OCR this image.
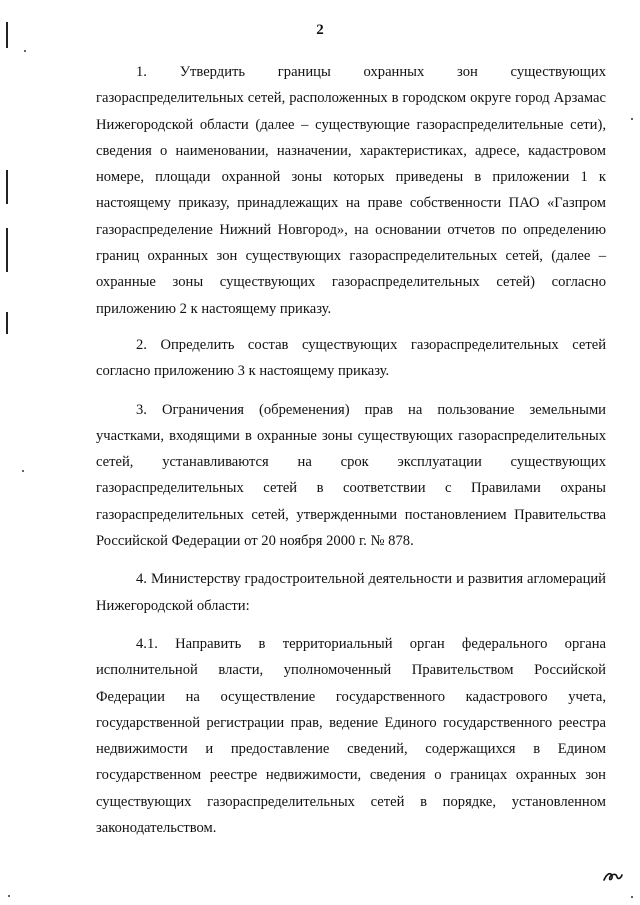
2

1. Утвердить границы охранных зон существующих газораспределительных сетей, расположенных в городском округе город Арзамас Нижегородской области (далее – существующие газораспределительные сети), сведения о наименовании, назначении, характеристиках, адресе, кадастровом номере, площади охранной зоны которых приведены в приложении 1 к настоящему приказу, принадлежащих на праве собственности ПАО «Газпром газораспределение Нижний Новгород», на основании отчетов по определению границ охранных зон существующих газораспределительных сетей, (далее – охранные зоны существующих газораспределительных сетей) согласно приложению 2 к настоящему приказу.

2. Определить состав существующих газораспределительных сетей согласно приложению 3 к настоящему приказу.

3. Ограничения (обременения) прав на пользование земельными участками, входящими в охранные зоны существующих газораспределительных сетей, устанавливаются на срок эксплуатации существующих газораспределительных сетей в соответствии с Правилами охраны газораспределительных сетей, утвержденными постановлением Правительства Российской Федерации от 20 ноября 2000 г. № 878.

4. Министерству градостроительной деятельности и развития агломераций Нижегородской области:

4.1. Направить в территориальный орган федерального органа исполнительной власти, уполномоченный Правительством Российской Федерации на осуществление государственного кадастрового учета, государственной регистрации прав, ведение Единого государственного реестра недвижимости и предоставление сведений, содержащихся в Едином государственном реестре недвижимости, сведения о границах охранных зон существующих газораспределительных сетей в порядке, установленном законодательством.
